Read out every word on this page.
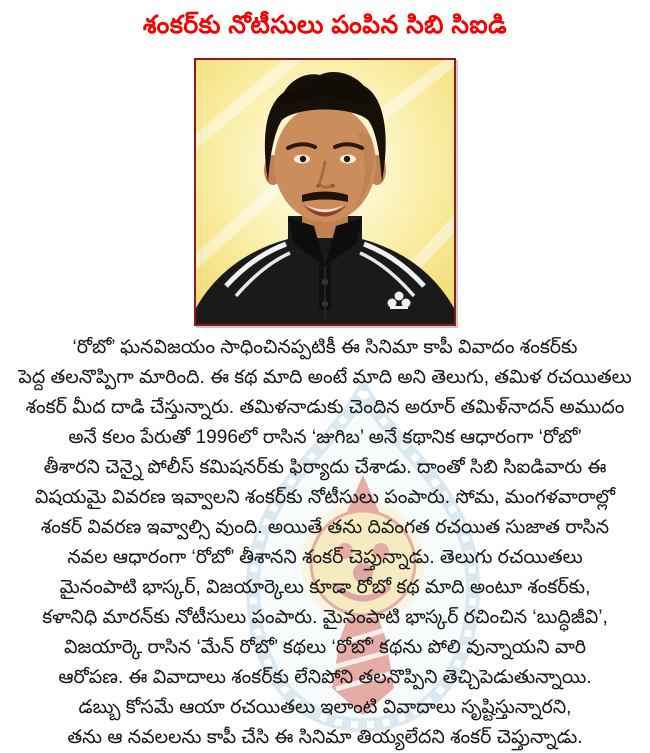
శంకర్‌కు నోటీసులు పంపిన సిబి సిఐడి
‘రోబో’ ఘనవిజయం సాధించినప్పటికీ ఈ సినిమా కాపీ వివాదం శంకర్‌కు
పెద్ద తలనొప్పిగా మారింది. ఈ కథ మాది అంటే మాది అని తెలుగు, తమిళ రచయితలు
శంకర్ మీద దాడి చేస్తున్నారు. తమిళనాడుకు చెందిన అరూర్ తమిళ్‌నాదన్ అముదం
అనే కలం పేరుతో 1996లో రాసిన ‘జుగిబ’ అనే కథానిక ఆధారంగా ‘రోబో’
తీశారని చెన్నై పోలీస్ కమిషనర్‌కు ఫిర్యాదు చేశాడు. దాంతో సిబి సిఐడివారు ఈ
విషయమై వివరణ ఇవ్వాలని శంకర్‌కు నోటీసులు పంపారు. సోమ, మంగళవారాల్లో
శంకర్ వివరణ ఇవ్వాల్సి వుంది. అయితే తను దివంగత రచయిత సుజాత రాసిన
నవల ఆధారంగా ‘రోబో’ తీశానని శంకర్ చెప్తున్నాడు. తెలుగు రచయితలు
మైనంపాటి భాస్కర్, విజయార్కెలు కూడా రోబో కథ మాది అంటూ శంకర్‌కు,
కళానిధి మారన్‌కు నోటీసులు పంపారు. మైనంపాటి భాస్కర్ రచించిన ‘బుద్ధిజీవి’,
విజయార్కె రాసిన ‘మేన్ రోబో’ కథలు ‘రోబో’ కథను పోలి వున్నాయని వారి
ఆరోపణ. ఈ వివాదాలు శంకర్‌కు లేనిపోని తలనొప్పిని తెచ్చిపెడుతున్నాయి.
డబ్బు కోసమే ఆయా రచయితలు ఇలాంటి వివాదాలు సృష్టిస్తున్నారని,
తను ఆ నవలలను కాపీ చేసి ఈ సినిమా తియ్యలేదని శంకర్ చెప్తున్నాడు.
